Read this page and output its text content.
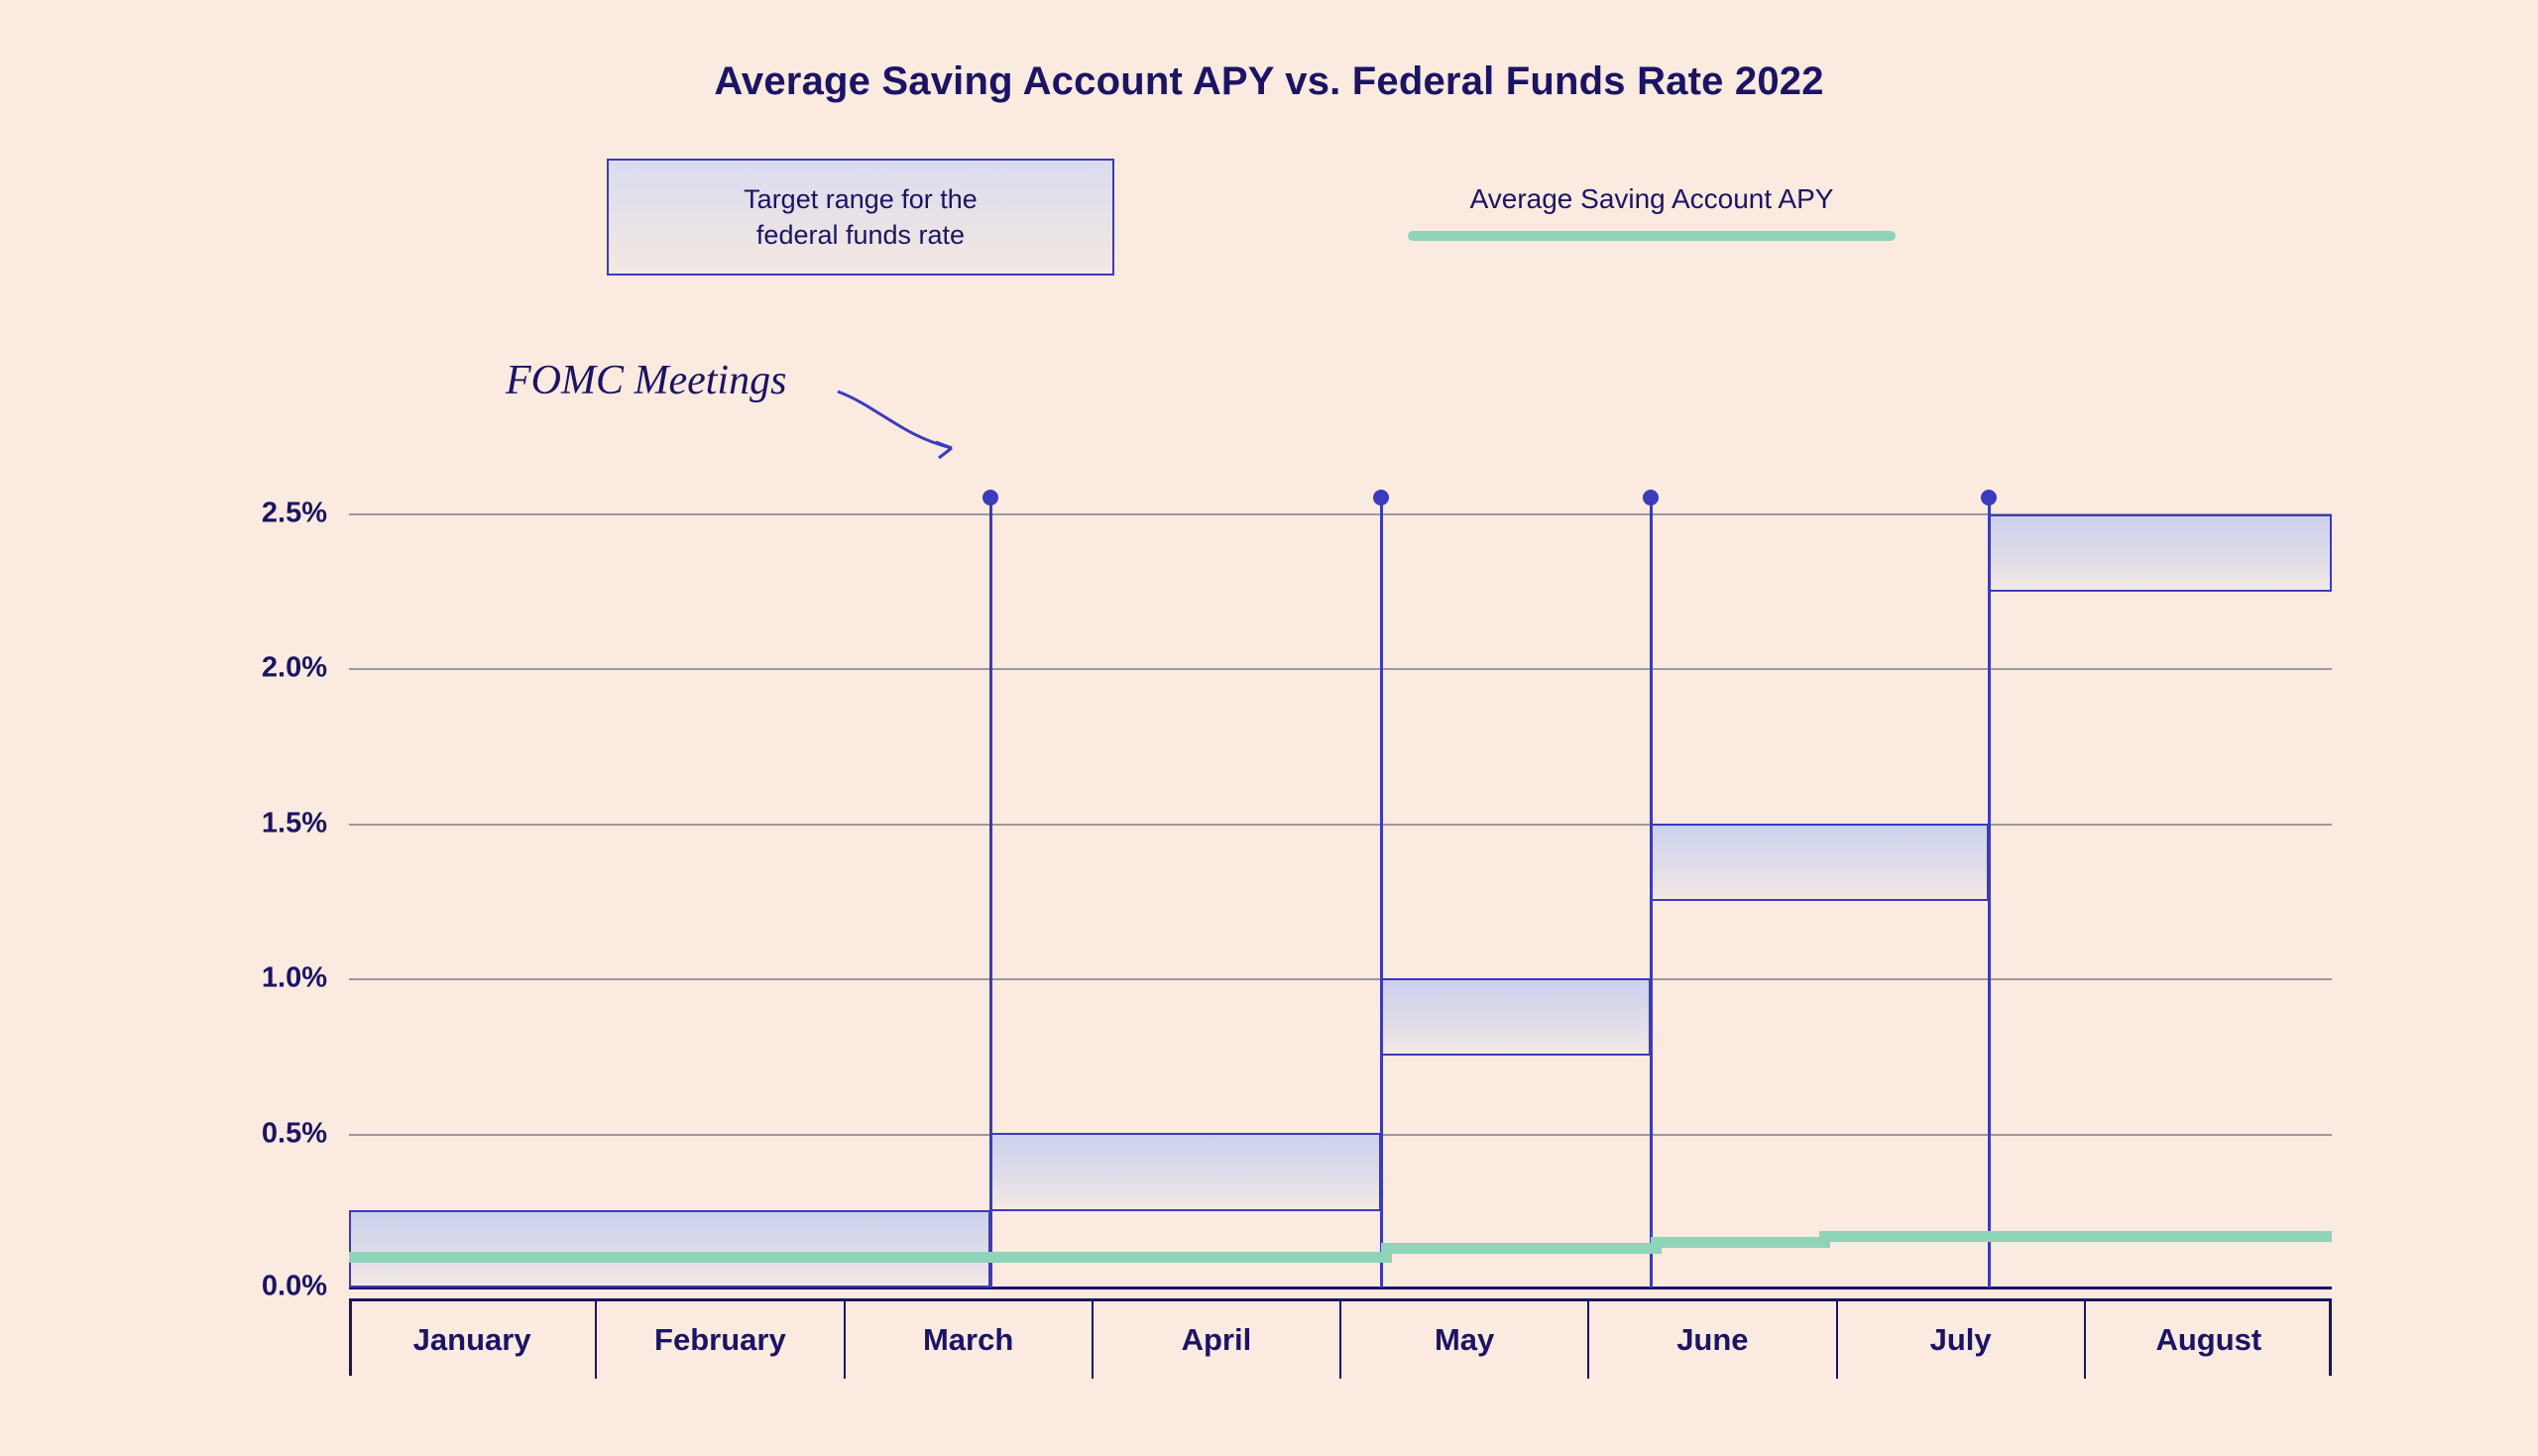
Average Saving Account APY vs. Federal Funds Rate 2022
Target range for the
federal funds rate
Average Saving Account APY
FOMC Meetings
2.5%
2.0%
1.5%
1.0%
0.5%
0.0%
January	February	March	April	May	June	July	August
